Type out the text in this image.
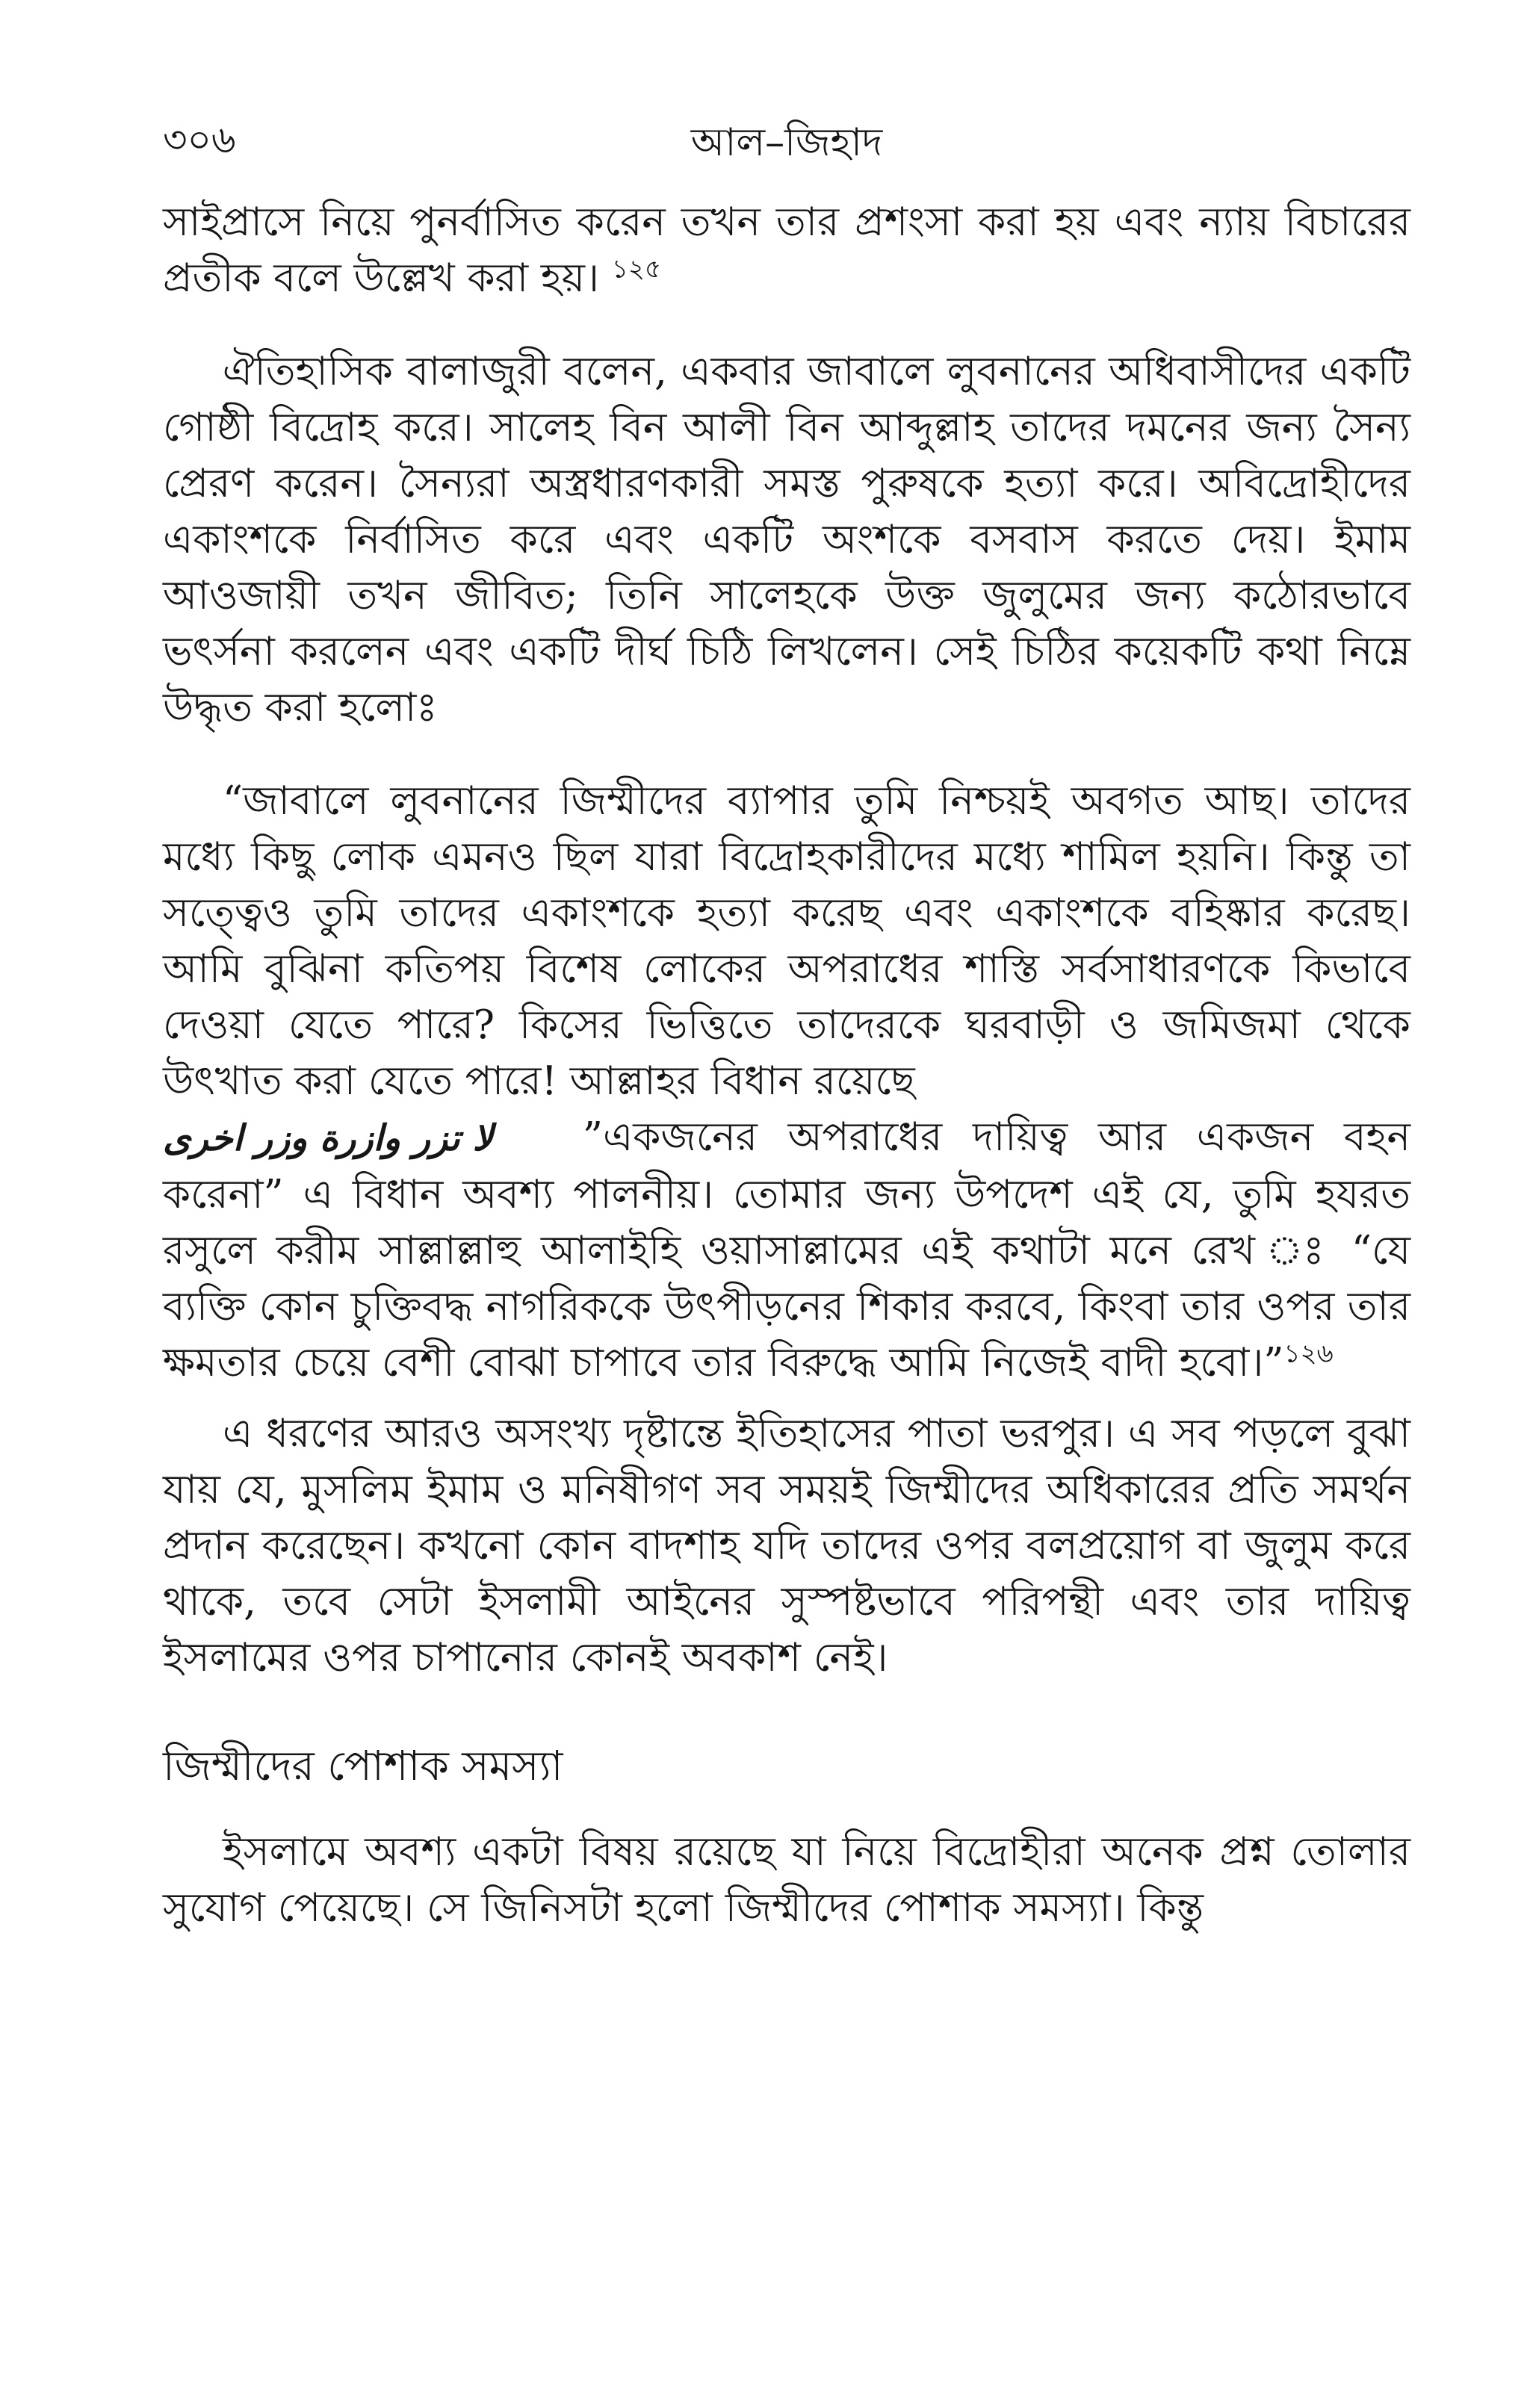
৩০৬	আল–জিহাদ

সাইপ্রাসে নিয়ে পুনর্বাসিত করেন তখন তার প্রশংসা করা হয় এবং ন্যায় বিচারের প্রতীক বলে উল্লেখ করা হয়। $^{১২৫}$

ঐতিহাসিক বালাজুরী বলেন, একবার জাবালে লুবনানের অধিবাসীদের একটি গোষ্ঠী বিদ্রোহ করে। সালেহ বিন আলী বিন আব্দুল্লাহ তাদের দমনের জন্য সৈন্য প্রেরণ করেন। সৈন্যরা অস্ত্রধারণকারী সমস্ত পুরুষকে হত্যা করে। অবিদ্রোহীদের একাংশকে নির্বাসিত করে এবং একটি অংশকে বসবাস করতে দেয়। ইমাম আওজায়ী তখন জীবিত; তিনি সালেহকে উক্ত জুলুমের জন্য কঠোরভাবে ভৎর্সনা করলেন এবং একটি দীর্ঘ চিঠি লিখলেন। সেই চিঠির কয়েকটি কথা নিম্নে উদ্ধৃত করা হলোঃ

“জাবালে লুবনানের জিম্মীদের ব্যাপার তুমি নিশ্চয়ই অবগত আছ। তাদের মধ্যে কিছু লোক এমনও ছিল যারা বিদ্রোহকারীদের মধ্যে শামিল হয়নি। কিন্তু তা সত্ত্বেও তুমি তাদের একাংশকে হত্যা করেছ এবং একাংশকে বহিষ্কার করেছ। আমি বুঝিনা কতিপয় বিশেষ লোকের অপরাধের শাস্তি সর্বসাধারণকে কিভাবে দেওয়া যেতে পারে? কিসের ভিত্তিতে তাদেরকে ঘরবাড়ী ও জমিজমা থেকে উৎখাত করা যেতে পারে! আল্লাহর বিধান রয়েছে
لا تزر وازرة وزر اخرى ”একজনের অপরাধের দায়িত্ব আর একজন বহন করেনা” এ বিধান অবশ্য পালনীয়। তোমার জন্য উপদেশ এই যে, তুমি হযরত রসুলে করীম সাল্লাল্লাহু আলাইহি ওয়াসাল্লামের এই কথাটা মনে রেখ ঃ “যে ব্যক্তি কোন চুক্তিবদ্ধ নাগরিককে উৎপীড়নের শিকার করবে, কিংবা তার ওপর তার ক্ষমতার চেয়ে বেশী বোঝা চাপাবে তার বিরুদ্ধে আমি নিজেই বাদী হবো।”$^{১২৬}$

এ ধরণের আরও অসংখ্য দৃষ্টান্তে ইতিহাসের পাতা ভরপুর। এ সব পড়লে বুঝা যায় যে, মুসলিম ইমাম ও মনিষীগণ সব সময়ই জিম্মীদের অধিকারের প্রতি সমর্থন প্রদান করেছেন। কখনো কোন বাদশাহ যদি তাদের ওপর বলপ্রয়োগ বা জুলুম করে থাকে, তবে সেটা ইসলামী আইনের সুস্পষ্টভাবে পরিপন্থী এবং তার দায়িত্ব ইসলামের ওপর চাপানোর কোনই অবকাশ নেই।

জিম্মীদের পোশাক সমস্যা

ইসলামে অবশ্য একটা বিষয় রয়েছে যা নিয়ে বিদ্রোহীরা অনেক প্রশ্ন তোলার সুযোগ পেয়েছে। সে জিনিসটা হলো জিম্মীদের পোশাক সমস্যা। কিন্তু
